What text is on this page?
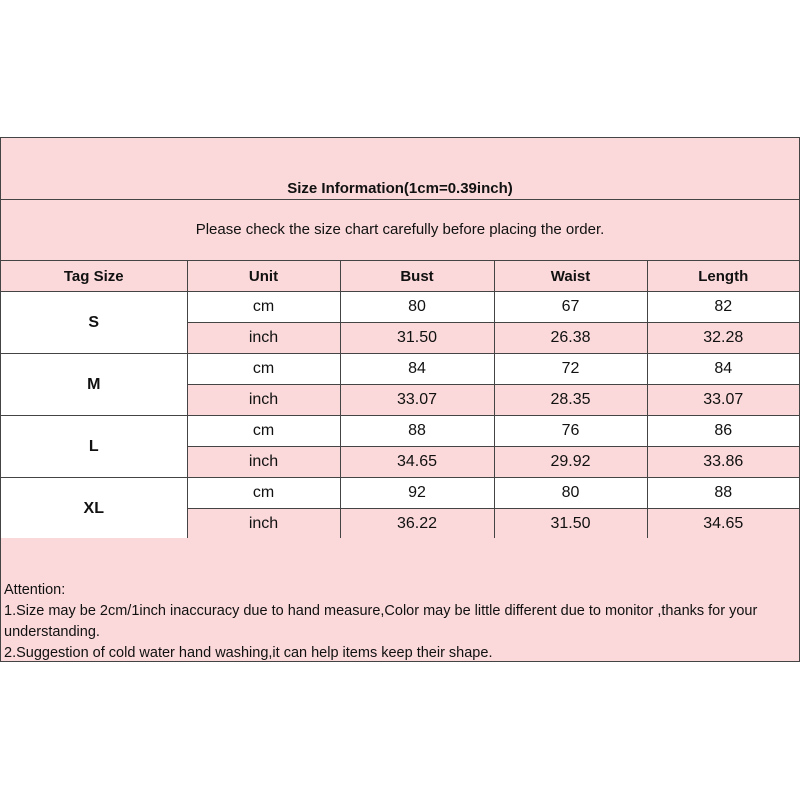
Size Information(1cm=0.39inch)
Please check the size chart carefully before placing the order.
Tag Size	Unit	Bust	Waist	Length
S	cm	80	67	82
	inch	31.50	26.38	32.28
M	cm	84	72	84
	inch	33.07	28.35	33.07
L	cm	88	76	86
	inch	34.65	29.92	33.86
XL	cm	92	80	88
	inch	36.22	31.50	34.65
Attention:
1.Size may be 2cm/1inch inaccuracy due to hand measure,Color may be little different due to monitor ,thanks for your understanding.
2.Suggestion of cold water hand washing,it can help items keep their shape.
